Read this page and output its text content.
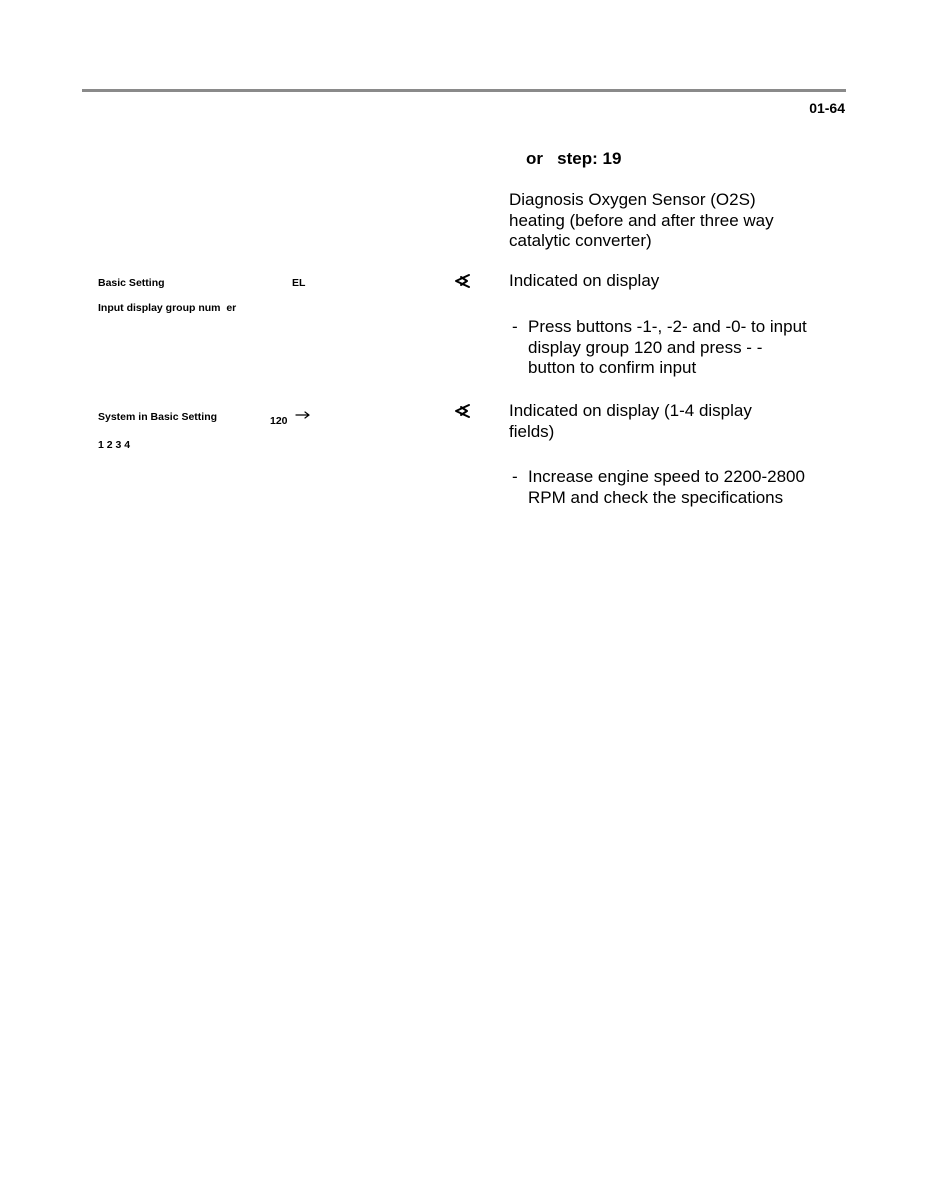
01-64
or   step: 19
Diagnosis Oxygen Sensor (O2S)
heating (before and after three way
catalytic converter)
Basic Setting	EL
Input display group num  er
Indicated on display
- Press buttons -1-, -2- and -0- to input
display group 120 and press - -
button to confirm input
System in Basic Setting	120
1 2 3 4
Indicated on display (1-4 display
fields)
- Increase engine speed to 2200-2800
RPM and check the specifications
